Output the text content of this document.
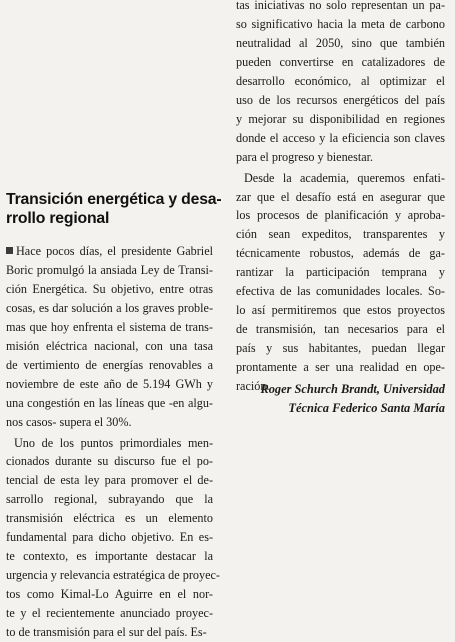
Transición energética y desa-
rrollo regional
Hace pocos días, el presidente Gabriel
Boric promulgó la ansiada Ley de Transi-
ción Energética. Su objetivo, entre otras
cosas, es dar solución a los graves proble-
mas que hoy enfrenta el sistema de trans-
misión eléctrica nacional, con una tasa
de vertimiento de energías renovables a
noviembre de este año de 5.194 GWh y
una congestión en las líneas que -en algu-
nos casos- supera el 30%.
Uno de los puntos primordiales men-
cionados durante su discurso fue el po-
tencial de esta ley para promover el de-
sarrollo regional, subrayando que la
transmisión eléctrica es un elemento
fundamental para dicho objetivo. En es-
te contexto, es importante destacar la
urgencia y relevancia estratégica de proyec-
tos como Kimal-Lo Aguirre en el nor-
te y el recientemente anunciado proyec-
to de transmisión para el sur del país. Es-
tas iniciativas no solo representan un pa-
so significativo hacia la meta de carbono
neutralidad al 2050, sino que también
pueden convertirse en catalizadores de
desarrollo económico, al optimizar el
uso de los recursos energéticos del país
y mejorar su disponibilidad en regiones
donde el acceso y la eficiencia son claves
para el progreso y bienestar.
Desde la academia, queremos enfati-
zar que el desafío está en asegurar que
los procesos de planificación y aproba-
ción sean expeditos, transparentes y
técnicamente robustos, además de ga-
rantizar la participación temprana y
efectiva de las comunidades locales. So-
lo así permitiremos que estos proyectos
de transmisión, tan necesarios para el
país y sus habitantes, puedan llegar
prontamente a ser una realidad en ope-
ración.
Roger Schurch Brandt, Universidad
Técnica Federico Santa María
